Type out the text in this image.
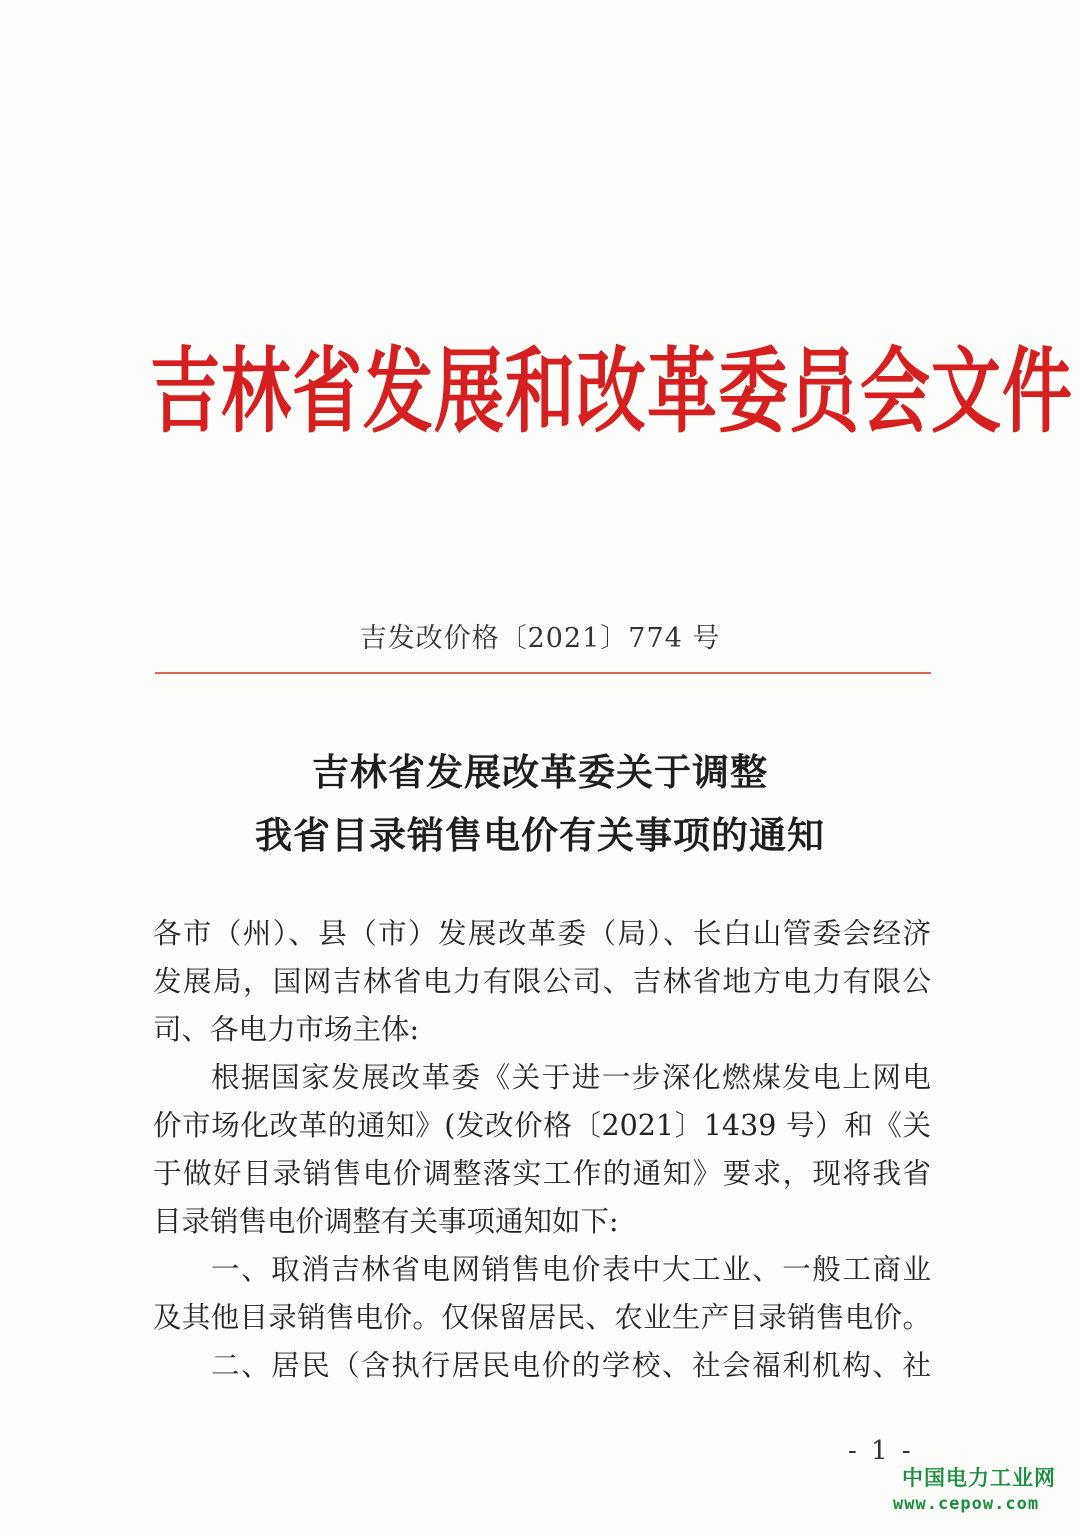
吉林省发展和改革委员会文件
吉发改价格〔2021〕774 号
吉林省发展改革委关于调整
我省目录销售电价有关事项的通知
各市（州）、县（市）发展改革委（局）、长白山管委会经济
发展局，国网吉林省电力有限公司、吉林省地方电力有限公
司、各电力市场主体:
根据国家发展改革委《关于进一步深化燃煤发电上网电
价市场化改革的通知》(发改价格〔2021〕1439 号）和《关
于做好目录销售电价调整落实工作的通知》要求，现将我省
目录销售电价调整有关事项通知如下:
一、取消吉林省电网销售电价表中大工业、一般工商业
及其他目录销售电价。仅保留居民、农业生产目录销售电价。
二、居民（含执行居民电价的学校、社会福利机构、社
- 1 -
中国电力工业网
www.cepow.com
